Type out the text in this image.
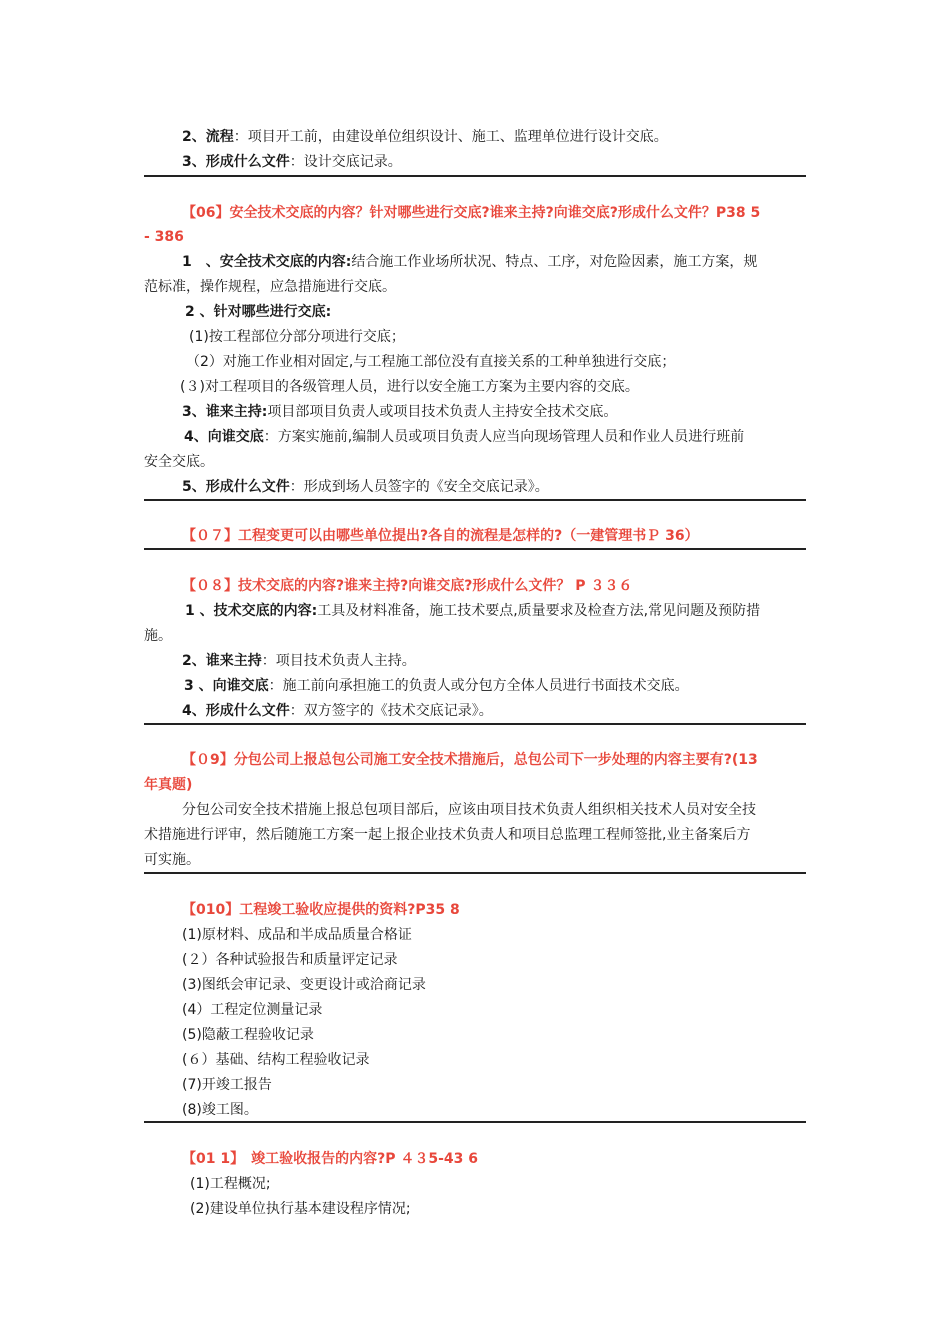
2、流程：项目开工前，由建设单位组织设计、施工、监理单位进行设计交底。
3、形成什么文件：设计交底记录。
【06】安全技术交底的内容？针对哪些进行交底?谁来主持?向谁交底?形成什么文件？P38 5
- 386
1　、安全技术交底的内容:结合施工作业场所状况、特点、工序，对危险因素，施工方案，规
范标准，操作规程，应急措施进行交底。
2 、针对哪些进行交底:
(1)按工程部位分部分项进行交底；
（2）对施工作业相对固定,与工程施工部位没有直接关系的工种单独进行交底；
(３)对工程项目的各级管理人员，进行以安全施工方案为主要内容的交底。
3、谁来主持:项目部项目负责人或项目技术负责人主持安全技术交底。
4、向谁交底：方案实施前,编制人员或项目负责人应当向现场管理人员和作业人员进行班前
安全交底。
5、形成什么文件：形成到场人员签字的《安全交底记录》。
【０７】工程变更可以由哪些单位提出?各自的流程是怎样的?（一建管理书Ｐ 36）
【０８】技术交底的内容?谁来主持?向谁交底?形成什么文件？ P ３３６
1 、技术交底的内容:工具及材料准备，施工技术要点,质量要求及检查方法,常见问题及预防措
施。
2、谁来主持：项目技术负责人主持。
3 、向谁交底：施工前向承担施工的负责人或分包方全体人员进行书面技术交底。
4、形成什么文件：双方签字的《技术交底记录》。
【０9】分包公司上报总包公司施工安全技术措施后，总包公司下一步处理的内容主要有?(13
年真题)
分包公司安全技术措施上报总包项目部后，应该由项目技术负责人组织相关技术人员对安全技
术措施进行评审，然后随施工方案一起上报企业技术负责人和项目总监理工程师签批,业主备案后方
可实施。
【010】工程竣工验收应提供的资料?P35 8
(1)原材料、成品和半成品质量合格证
(２）各种试验报告和质量评定记录
(3)图纸会审记录、变更设计或洽商记录
(4）工程定位测量记录
(5)隐蔽工程验收记录
(６）基础、结构工程验收记录
(7)开竣工报告
(8)竣工图。
【01 1】　竣工验收报告的内容?P ４３5-43 6
(1)工程概况;
(2)建设单位执行基本建设程序情况;
